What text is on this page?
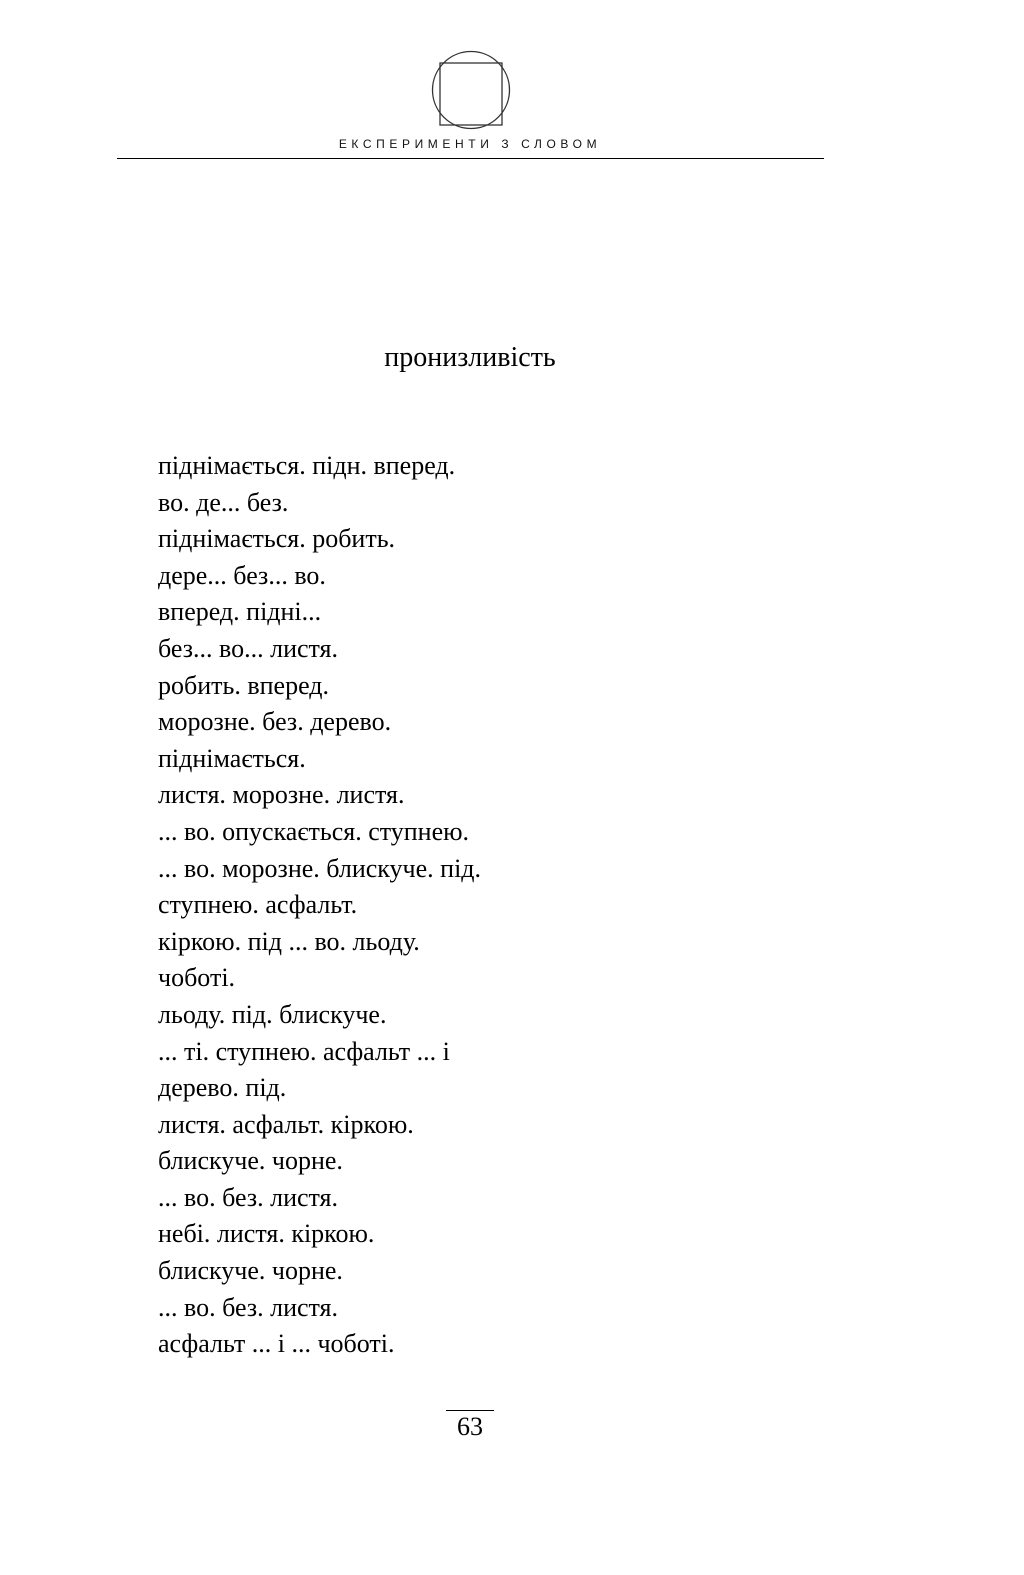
ЕКСПЕРИМЕНТИ З СЛОВОМ
пронизливість
піднімається. підн. вперед.
во. де... без.
піднімається. робить.
дере... без... во.
вперед. підні...
без... во... листя.
робить. вперед.
морозне. без. дерево.
піднімається.
листя. морозне. листя.
... во. опускається. ступнею.
... во. морозне. блискуче. під.
ступнею. асфальт.
кіркою. під ... во. льоду.
чоботі.
льоду. під. блискуче.
... ті. ступнею. асфальт ... і
дерево. під.
листя. асфальт. кіркою.
блискуче. чорне.
... во. без. листя.
небі. листя. кіркою.
блискуче. чорне.
... во. без. листя.
асфальт ... і ... чоботі.
63
